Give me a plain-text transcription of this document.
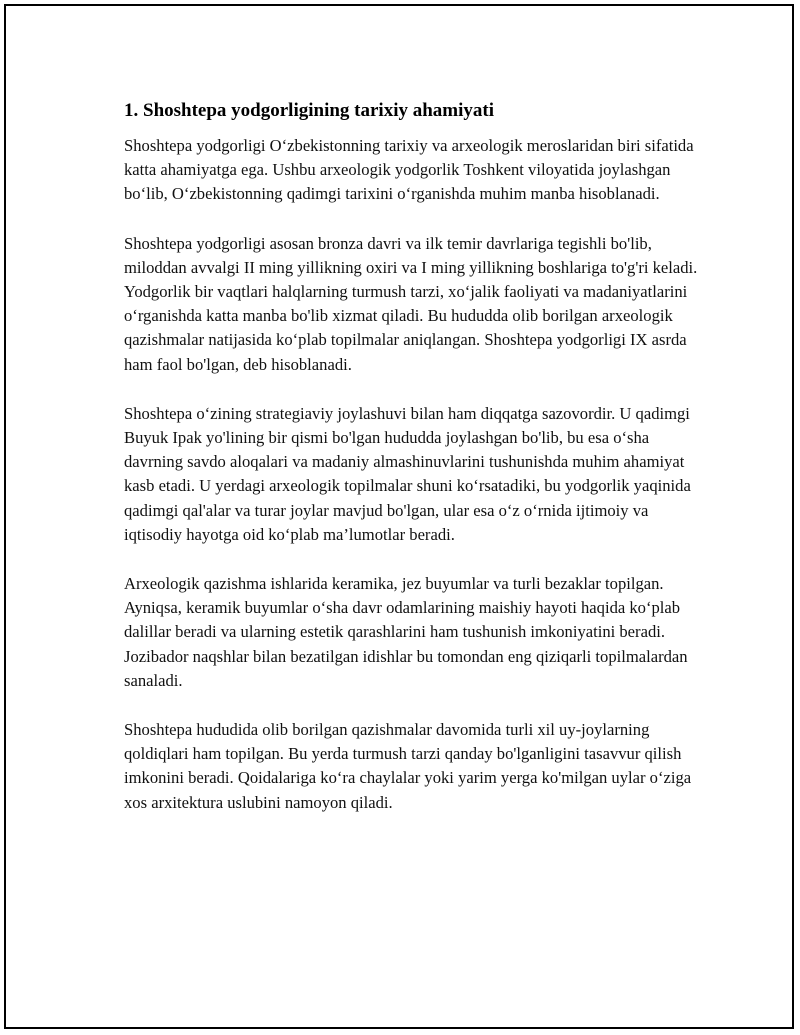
1. Shoshtepa yodgorligining tarixiy ahamiyati

Shoshtepa yodgorligi O‘zbekistonning tarixiy va arxeologik meroslaridan biri sifatida katta ahamiyatga ega. Ushbu arxeologik yodgorlik Toshkent viloyatida joylashgan bo‘lib, O‘zbekistonning qadimgi tarixini o‘rganishda muhim manba hisoblanadi.

Shoshtepa yodgorligi asosan bronza davri va ilk temir davrlariga tegishli bo'lib, miloddan avvalgi II ming yillikning oxiri va I ming yillikning boshlariga to'g'ri keladi. Yodgorlik bir vaqtlari halqlarning turmush tarzi, xo‘jalik faoliyati va madaniyatlarini o‘rganishda katta manba bo'lib xizmat qiladi. Bu hududda olib borilgan arxeologik qazishmalar natijasida ko‘plab topilmalar aniqlangan. Shoshtepa yodgorligi IX asrda ham faol bo'lgan, deb hisoblanadi.

Shoshtepa o‘zining strategiaviy joylashuvi bilan ham diqqatga sazovordir. U qadimgi Buyuk Ipak yo'lining bir qismi bo'lgan hududda joylashgan bo'lib, bu esa o‘sha davrning savdo aloqalari va madaniy almashinuvlarini tushunishda muhim ahamiyat kasb etadi. U yerdagi arxeologik topilmalar shuni ko‘rsatadiki, bu yodgorlik yaqinida qadimgi qal'alar va turar joylar mavjud bo'lgan, ular esa o‘z o‘rnida ijtimoiy va iqtisodiy hayotga oid ko‘plab ma’lumotlar beradi.

Arxeologik qazishma ishlarida keramika, jez buyumlar va turli bezaklar topilgan. Ayniqsa, keramik buyumlar o‘sha davr odamlarining maishiy hayoti haqida ko‘plab dalillar beradi va ularning estetik qarashlarini ham tushunish imkoniyatini beradi. Jozibador naqshlar bilan bezatilgan idishlar bu tomondan eng qiziqarli topilmalardan sanaladi.

Shoshtepa hududida olib borilgan qazishmalar davomida turli xil uy-joylarning qoldiqlari ham topilgan. Bu yerda turmush tarzi qanday bo'lganligini tasavvur qilish imkonini beradi. Qoidalariga ko‘ra chaylalar yoki yarim yerga ko'milgan uylar o‘ziga xos arxitektura uslubini namoyon qiladi.
